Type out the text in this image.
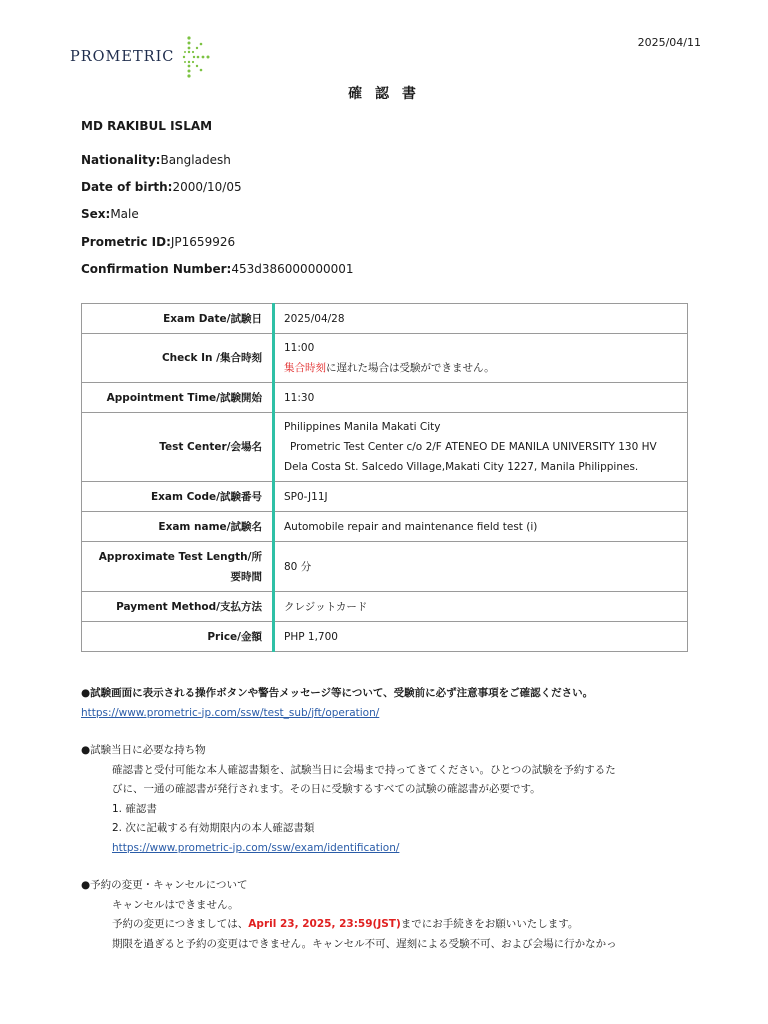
PROMETRIC
2025/04/11
確 認 書
MD RAKIBUL ISLAM
Nationality:Bangladesh
Date of birth:2000/10/05
Sex:Male
Prometric ID:JP1659926
Confirmation Number:453d386000000001
Exam Date/試験日	2025/04/28
Check In /集合時刻	11:00
集合時刻に遅れた場合は受験ができません。

Appointment Time/試験開始	11:30
Test Center/会場名	Philippines Manila Makati City
Prometric Test Center c/o 2/F ATENEO DE MANILA UNIVERSITY 130 HV
Dela Costa St. Salcedo Village,Makati City 1227, Manila Philippines.

Exam Code/試験番号	SP0-J11J
Exam name/試験名	Automobile repair and maintenance field test (i)

Approximate Test Length/所
要時間	80 分
Payment Method/支払方法	クレジットカード
Price/金額	PHP 1,700
●試験画面に表示される操作ボタンや警告メッセージ等について、受験前に必ず注意事項をご確認ください。
https://www.prometric-jp.com/ssw/test_sub/jft/operation/
●試験当日に必要な持ち物
確認書と受付可能な本人確認書類を、試験当日に会場まで持ってきてください。ひとつの試験を予約するた
びに、一通の確認書が発行されます。その日に受験するすべての試験の確認書が必要です。
1. 確認書
2. 次に記載する有効期限内の本人確認書類
https://www.prometric-jp.com/ssw/exam/identification/
●予約の変更・キャンセルについて
キャンセルはできません。
予約の変更につきましては、April 23, 2025, 23:59(JST)までにお手続きをお願いいたします。
期限を過ぎると予約の変更はできません。キャンセル不可、遅刻による受験不可、および会場に行かなかっ
